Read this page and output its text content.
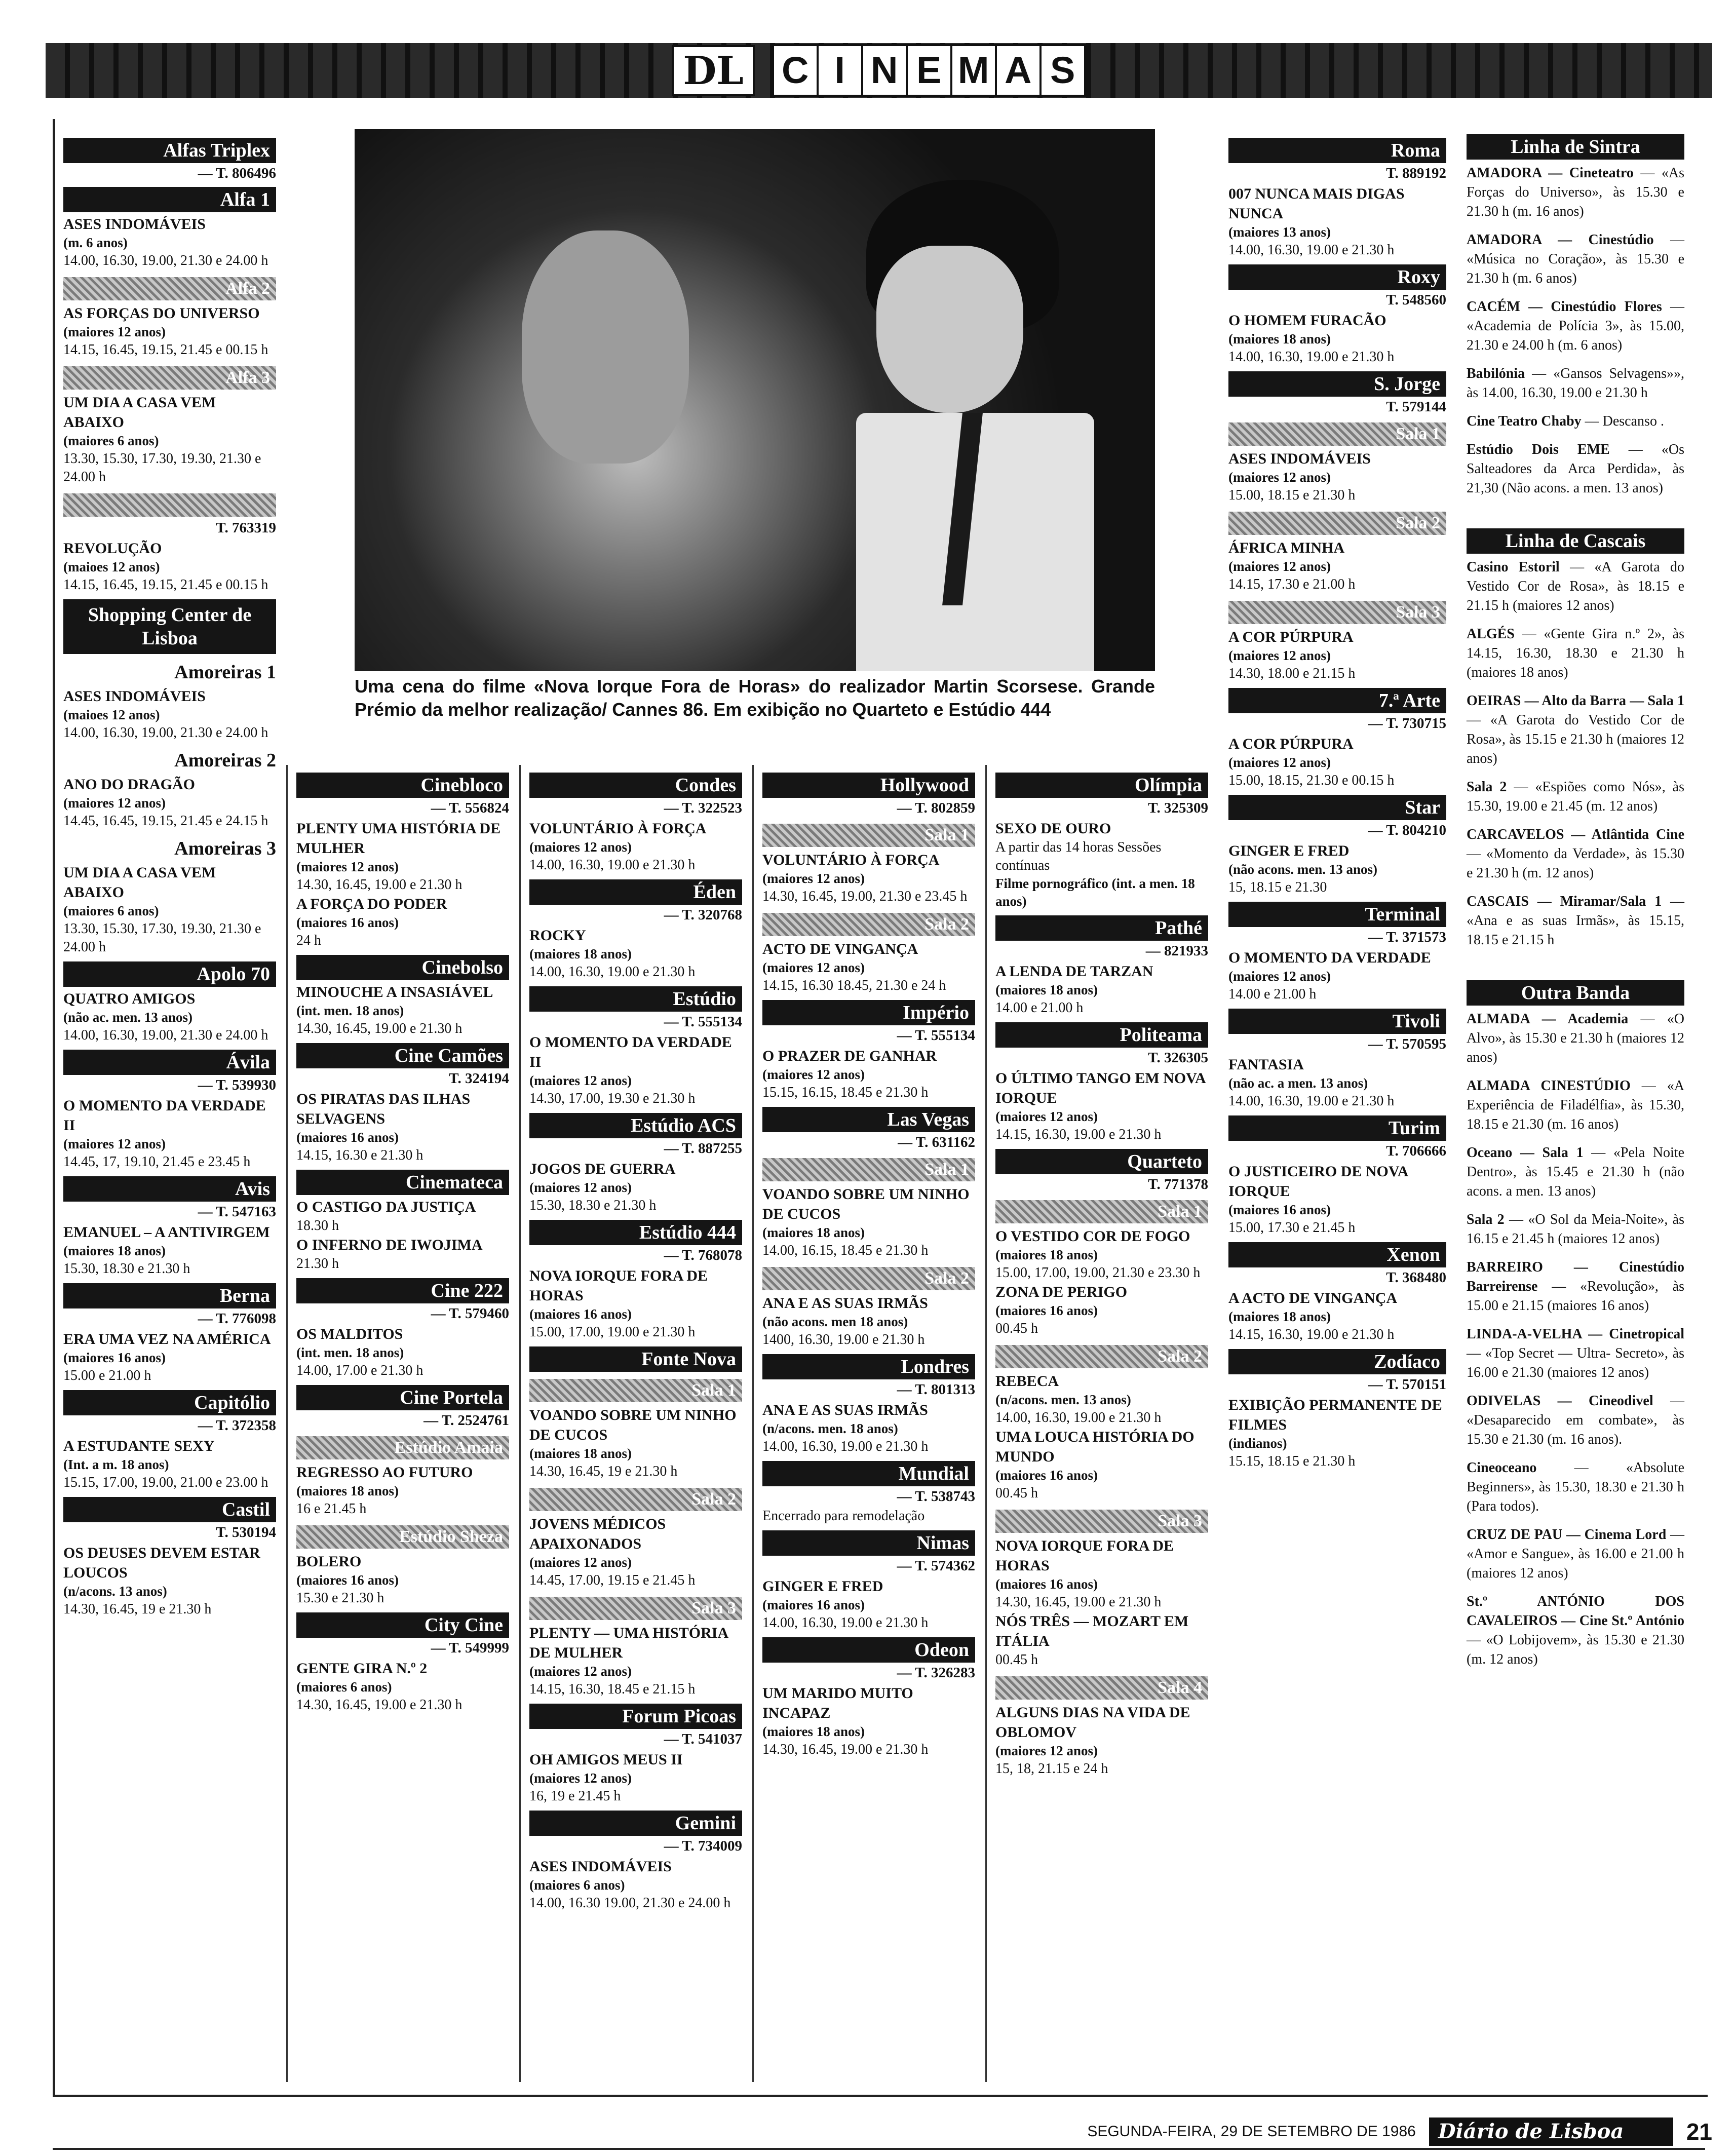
DL C I N E M A S
Alfas Triplex
— T. 806496
Alfa 1
ASES INDOMÁVEIS
(m. 6 anos)
14.00, 16.30, 19.00, 21.30 e 24.00 h
Alfa 2
AS FORÇAS DO UNIVERSO
(maiores 12 anos)
14.15, 16.45, 19.15, 21.45 e 00.15 h
Alfa 3
UM DIA A CASA VEM ABAIXO
(maiores 6 anos)
13.30, 15.30, 17.30, 19.30, 21.30 e 24.00 h
T. 763319
REVOLUÇÃO
(maioes 12 anos)
14.15, 16.45, 19.15, 21.45 e 00.15 h
Shopping Center de Lisboa
Amoreiras 1
ASES INDOMÁVEIS
(maioes 12 anos)
14.00, 16.30, 19.00, 21.30 e 24.00 h
Amoreiras 2
ANO DO DRAGÃO
(maiores 12 anos)
14.45, 16.45, 19.15, 21.45 e 24.15 h
Amoreiras 3
UM DIA A CASA VEM ABAIXO
(maiores 6 anos)
13.30, 15.30, 17.30, 19.30, 21.30 e 24.00 h
Apolo 70
QUATRO AMIGOS
(não ac. men. 13 anos)
14.00, 16.30, 19.00, 21.30 e 24.00 h
Ávila
— T. 539930
O MOMENTO DA VERDADE II
(maiores 12 anos)
14.45, 17, 19.10, 21.45 e 23.45 h
Avis
— T. 547163
EMANUEL – A ANTIVIRGEM
(maiores 18 anos)
15.30, 18.30 e 21.30 h
Berna
— T. 776098
ERA UMA VEZ NA AMÉRICA
(maiores 16 anos)
15.00 e 21.00 h
Capitólio
— T. 372358
A ESTUDANTE SEXY
(Int. a m. 18 anos)
15.15, 17.00, 19.00, 21.00 e 23.00 h
Castil
T. 530194
OS DEUSES DEVEM ESTAR LOUCOS
(n/acons. 13 anos)
14.30, 16.45, 19 e 21.30 h
Uma cena do filme «Nova Iorque Fora de Horas» do realizador Martin Scorsese. Grande Prémio da melhor realização/ Cannes 86. Em exibição no Quarteto e Estúdio 444
Cinebloco
— T. 556824
PLENTY UMA HISTÓRIA DE MULHER
(maiores 12 anos)
14.30, 16.45, 19.00 e 21.30 h
A FORÇA DO PODER
(maiores 16 anos)
24 h
Cinebolso
MINOUCHE A INSASIÁVEL
(int. men. 18 anos)
14.30, 16.45, 19.00 e 21.30 h
Cine Camões
T. 324194
OS PIRATAS DAS ILHAS SELVAGENS
(maiores 16 anos)
14.15, 16.30 e 21.30 h
Cinemateca
O CASTIGO DA JUSTIÇA
18.30 h
O INFERNO DE IWOJIMA
21.30 h
Cine 222
— T. 579460
OS MALDITOS
(int. men. 18 anos)
14.00, 17.00 e 21.30 h
Cine Portela
— T. 2524761
Estúdio Amaia
REGRESSO AO FUTURO
(maiores 18 anos)
16 e 21.45 h
Estúdio Sheza
BOLERO
(maiores 16 anos)
15.30 e 21.30 h
City Cine
— T. 549999
GENTE GIRA N.º 2
(maiores 6 anos)
14.30, 16.45, 19.00 e 21.30 h
Condes
— T. 322523
VOLUNTÁRIO À FORÇA
(maiores 12 anos)
14.00, 16.30, 19.00 e 21.30 h
Éden
— T. 320768
ROCKY
(maiores 18 anos)
14.00, 16.30, 19.00 e 21.30 h
Estúdio
— T. 555134
O MOMENTO DA VERDADE II
(maiores 12 anos)
14.30, 17.00, 19.30 e 21.30 h
Estúdio ACS
— T. 887255
JOGOS DE GUERRA
(maiores 12 anos)
15.30, 18.30 e 21.30 h
Estúdio 444
— T. 768078
NOVA IORQUE FORA DE HORAS
(maiores 16 anos)
15.00, 17.00, 19.00 e 21.30 h
Fonte Nova
Sala 1
VOANDO SOBRE UM NINHO DE CUCOS
(maiores 18 anos)
14.30, 16.45, 19 e 21.30 h
Sala 2
JOVENS MÉDICOS APAIXONADOS
(maiores 12 anos)
14.45, 17.00, 19.15 e 21.45 h
Sala 3
PLENTY — UMA HISTÓRIA DE MULHER
(maiores 12 anos)
14.15, 16.30, 18.45 e 21.15 h
Forum Picoas
— T. 541037
OH AMIGOS MEUS II
(maiores 12 anos)
16, 19 e 21.45 h
Gemini
— T. 734009
ASES INDOMÁVEIS
(maiores 6 anos)
14.00, 16.30 19.00, 21.30 e 24.00 h
Hollywood
— T. 802859
Sala 1
VOLUNTÁRIO À FORÇA
(maiores 12 anos)
14.30, 16.45, 19.00, 21.30 e 23.45 h
Sala 2
ACTO DE VINGANÇA
(maiores 12 anos)
14.15, 16.30 18.45, 21.30 e 24 h
Império
— T. 555134
O PRAZER DE GANHAR
(maiores 12 anos)
15.15, 16.15, 18.45 e 21.30 h
Las Vegas
— T. 631162
Sala 1
VOANDO SOBRE UM NINHO DE CUCOS
(maiores 18 anos)
14.00, 16.15, 18.45 e 21.30 h
Sala 2
ANA E AS SUAS IRMÃS
(não acons. men 18 anos)
1400, 16.30, 19.00 e 21.30 h
Londres
— T. 801313
ANA E AS SUAS IRMÃS
(n/acons. men. 18 anos)
14.00, 16.30, 19.00 e 21.30 h
Mundial
— T. 538743
Encerrado para remodelação
Nimas
— T. 574362
GINGER E FRED
(maiores 16 anos)
14.00, 16.30, 19.00 e 21.30 h
Odeon
— T. 326283
UM MARIDO MUITO INCAPAZ
(maiores 18 anos)
14.30, 16.45, 19.00 e 21.30 h
Olímpia
T. 325309
SEXO DE OURO
A partir das 14 horas Sessões contínuas
Filme pornográfico (int. a men. 18 anos)
Pathé
— 821933
A LENDA DE TARZAN
(maiores 18 anos)
14.00 e 21.00 h
Politeama
T. 326305
O ÚLTIMO TANGO EM NOVA IORQUE
(maiores 12 anos)
14.15, 16.30, 19.00 e 21.30 h
Quarteto
T. 771378
Sala 1
O VESTIDO COR DE FOGO
(maiores 18 anos)
15.00, 17.00, 19.00, 21.30 e 23.30 h
ZONA DE PERIGO
(maiores 16 anos)
00.45 h
Sala 2
REBECA
(n/acons. men. 13 anos)
14.00, 16.30, 19.00 e 21.30 h
UMA LOUCA HISTÓRIA DO MUNDO
(maiores 16 anos)
00.45 h
Sala 3
NOVA IORQUE FORA DE HORAS
(maiores 16 anos)
14.30, 16.45, 19.00 e 21.30 h
NÓS TRÊS — MOZART EM ITÁLIA
00.45 h
Sala 4
ALGUNS DIAS NA VIDA DE OBLOMOV
(maiores 12 anos)
15, 18, 21.15 e 24 h
Roma
T. 889192
007 NUNCA MAIS DIGAS NUNCA
(maiores 13 anos)
14.00, 16.30, 19.00 e 21.30 h
Roxy
T. 548560
O HOMEM FURACÃO
(maiores 18 anos)
14.00, 16.30, 19.00 e 21.30 h
S. Jorge
T. 579144
Sala 1
ASES INDOMÁVEIS
(maiores 12 anos)
15.00, 18.15 e 21.30 h
Sala 2
ÁFRICA MINHA
(maiores 12 anos)
14.15, 17.30 e 21.00 h
Sala 3
A COR PÚRPURA
(maiores 12 anos)
14.30, 18.00 e 21.15 h
7.ª Arte
— T. 730715
A COR PÚRPURA
(maiores 12 anos)
15.00, 18.15, 21.30 e 00.15 h
Star
— T. 804210
GINGER E FRED
(não acons. men. 13 anos)
15, 18.15 e 21.30
Terminal
— T. 371573
O MOMENTO DA VERDADE
(maiores 12 anos)
14.00 e 21.00 h
Tivoli
— T. 570595
FANTASIA
(não ac. a men. 13 anos)
14.00, 16.30, 19.00 e 21.30 h
Turim
T. 706666
O JUSTICEIRO DE NOVA IORQUE
(maiores 16 anos)
15.00, 17.30 e 21.45 h
Xenon
T. 368480
A ACTO DE VINGANÇA
(maiores 18 anos)
14.15, 16.30, 19.00 e 21.30 h
Zodíaco
— T. 570151
EXIBIÇÃO PERMANENTE DE FILMES
(indianos)
15.15, 18.15 e 21.30 h
Linha de Sintra
AMADORA — Cineteatro — «As Forças do Universo», às 15.30 e 21.30 h (m. 16 anos)
AMADORA — Cinestúdio — «Música no Coração», às 15.30 e 21.30 h (m. 6 anos)
CACÉM — Cinestúdio Flores — «Academia de Polícia 3», às 15.00, 21.30 e 24.00 h (m. 6 anos)
Babilónia — «Gansos Selvagens»», às 14.00, 16.30, 19.00 e 21.30 h
Cine Teatro Chaby — Descanso .
Estúdio Dois EME — «Os Salteadores da Arca Perdida», às 21,30 (Não acons. a men. 13 anos)
Linha de Cascais
Casino Estoril — «A Garota do Vestido Cor de Rosa», às 18.15 e 21.15 h (maiores 12 anos)
ALGÉS — «Gente Gira n.º 2», às 14.15, 16.30, 18.30 e 21.30 h (maiores 18 anos)
OEIRAS — Alto da Barra — Sala 1 — «A Garota do Vestido Cor de Rosa», às 15.15 e 21.30 h (maiores 12 anos)
Sala 2 — «Espiões como Nós», às 15.30, 19.00 e 21.45 (m. 12 anos)
CARCAVELOS — Atlântida Cine — «Momento da Verdade», às 15.30 e 21.30 h (m. 12 anos)
CASCAIS — Miramar/Sala 1 — «Ana e as suas Irmãs», às 15.15, 18.15 e 21.15 h
Outra Banda
ALMADA — Academia — «O Alvo», às 15.30 e 21.30 h (maiores 12 anos)
ALMADA CINESTÚDIO — «A Experiência de Filadélfia», às 15.30, 18.15 e 21.30 (m. 16 anos)
Oceano — Sala 1 — «Pela Noite Dentro», às 15.45 e 21.30 h (não acons. a men. 13 anos)
Sala 2 — «O Sol da Meia-Noite», às 16.15 e 21.45 h (maiores 12 anos)
BARREIRO — Cinestúdio Barreirense — «Revolução», às 15.00 e 21.15 (maiores 16 anos)
LINDA-A-VELHA — Cinetropical — «Top Secret — Ultra- Secreto», às 16.00 e 21.30 (maiores 12 anos)
ODIVELAS — Cineodivel — «Desaparecido em combate», às 15.30 e 21.30 (m. 16 anos).
Cineoceano — «Absolute Beginners», às 15.30, 18.30 e 21.30 h (Para todos).
CRUZ DE PAU — Cinema Lord — «Amor e Sangue», às 16.00 e 21.00 h (maiores 12 anos)
St.º ANTÓNIO DOS CAVALEIROS — Cine St.º António — «O Lobijovem», às 15.30 e 21.30 (m. 12 anos)
SEGUNDA-FEIRA, 29 DE SETEMBRO DE 1986	Diário de Lisboa	21
